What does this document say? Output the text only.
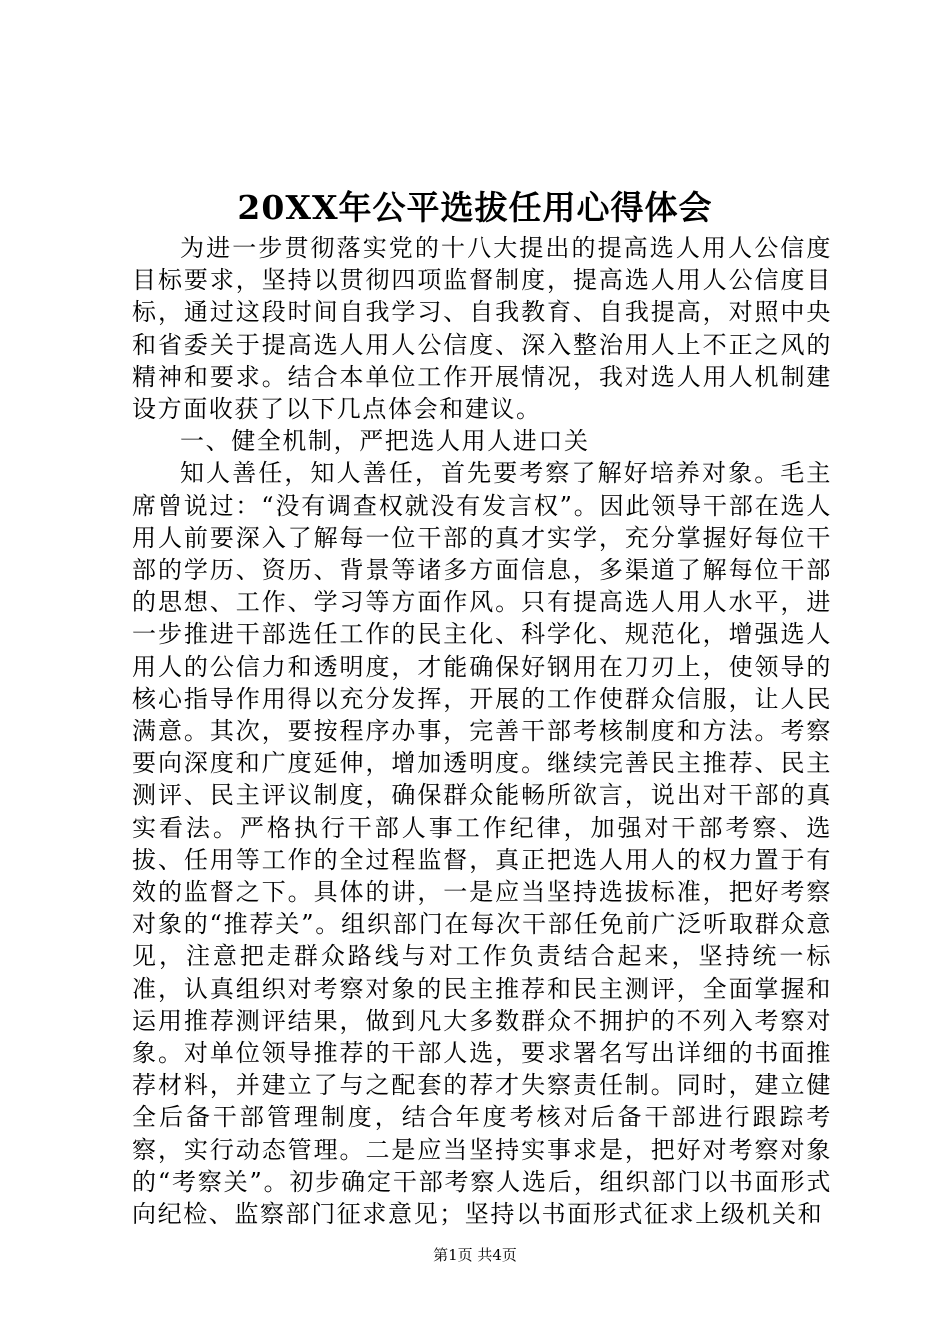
20XX年公平选拔任用心得体会

为进一步贯彻落实党的十八大提出的提高选人用人公信度目标要求，坚持以贯彻四项监督制度，提高选人用人公信度目标，通过这段时间自我学习、自我教育、自我提高，对照中央和省委关于提高选人用人公信度、深入整治用人上不正之风的精神和要求。结合本单位工作开展情况，我对选人用人机制建设方面收获了以下几点体会和建议。

一、健全机制，严把选人用人进口关

知人善任，知人善任，首先要考察了解好培养对象。毛主席曾说过：“没有调查权就没有发言权”。因此领导干部在选人用人前要深入了解每一位干部的真才实学，充分掌握好每位干部的学历、资历、背景等诸多方面信息，多渠道了解每位干部的思想、工作、学习等方面作风。只有提高选人用人水平，进一步推进干部选任工作的民主化、科学化、规范化，增强选人用人的公信力和透明度，才能确保好钢用在刀刃上，使领导的核心指导作用得以充分发挥，开展的工作使群众信服，让人民满意。其次，要按程序办事，完善干部考核制度和方法。考察要向深度和广度延伸，增加透明度。继续完善民主推荐、民主测评、民主评议制度，确保群众能畅所欲言，说出对干部的真实看法。严格执行干部人事工作纪律，加强对干部考察、选拔、任用等工作的全过程监督，真正把选人用人的权力置于有效的监督之下。具体的讲，一是应当坚持选拔标准，把好考察对象的“推荐关”。组织部门在每次干部任免前广泛听取群众意见，注意把走群众路线与对工作负责结合起来，坚持统一标准，认真组织对考察对象的民主推荐和民主测评，全面掌握和运用推荐测评结果，做到凡大多数群众不拥护的不列入考察对象。对单位领导推荐的干部人选，要求署名写出详细的书面推荐材料，并建立了与之配套的荐才失察责任制。同时，建立健全后备干部管理制度，结合年度考核对后备干部进行跟踪考察，实行动态管理。二是应当坚持实事求是，把好对考察对象的“考察关”。初步确定干部考察人选后，组织部门以书面形式向纪检、监察部门征求意见；坚持以书面形式征求上级机关和

第1页 共4页
